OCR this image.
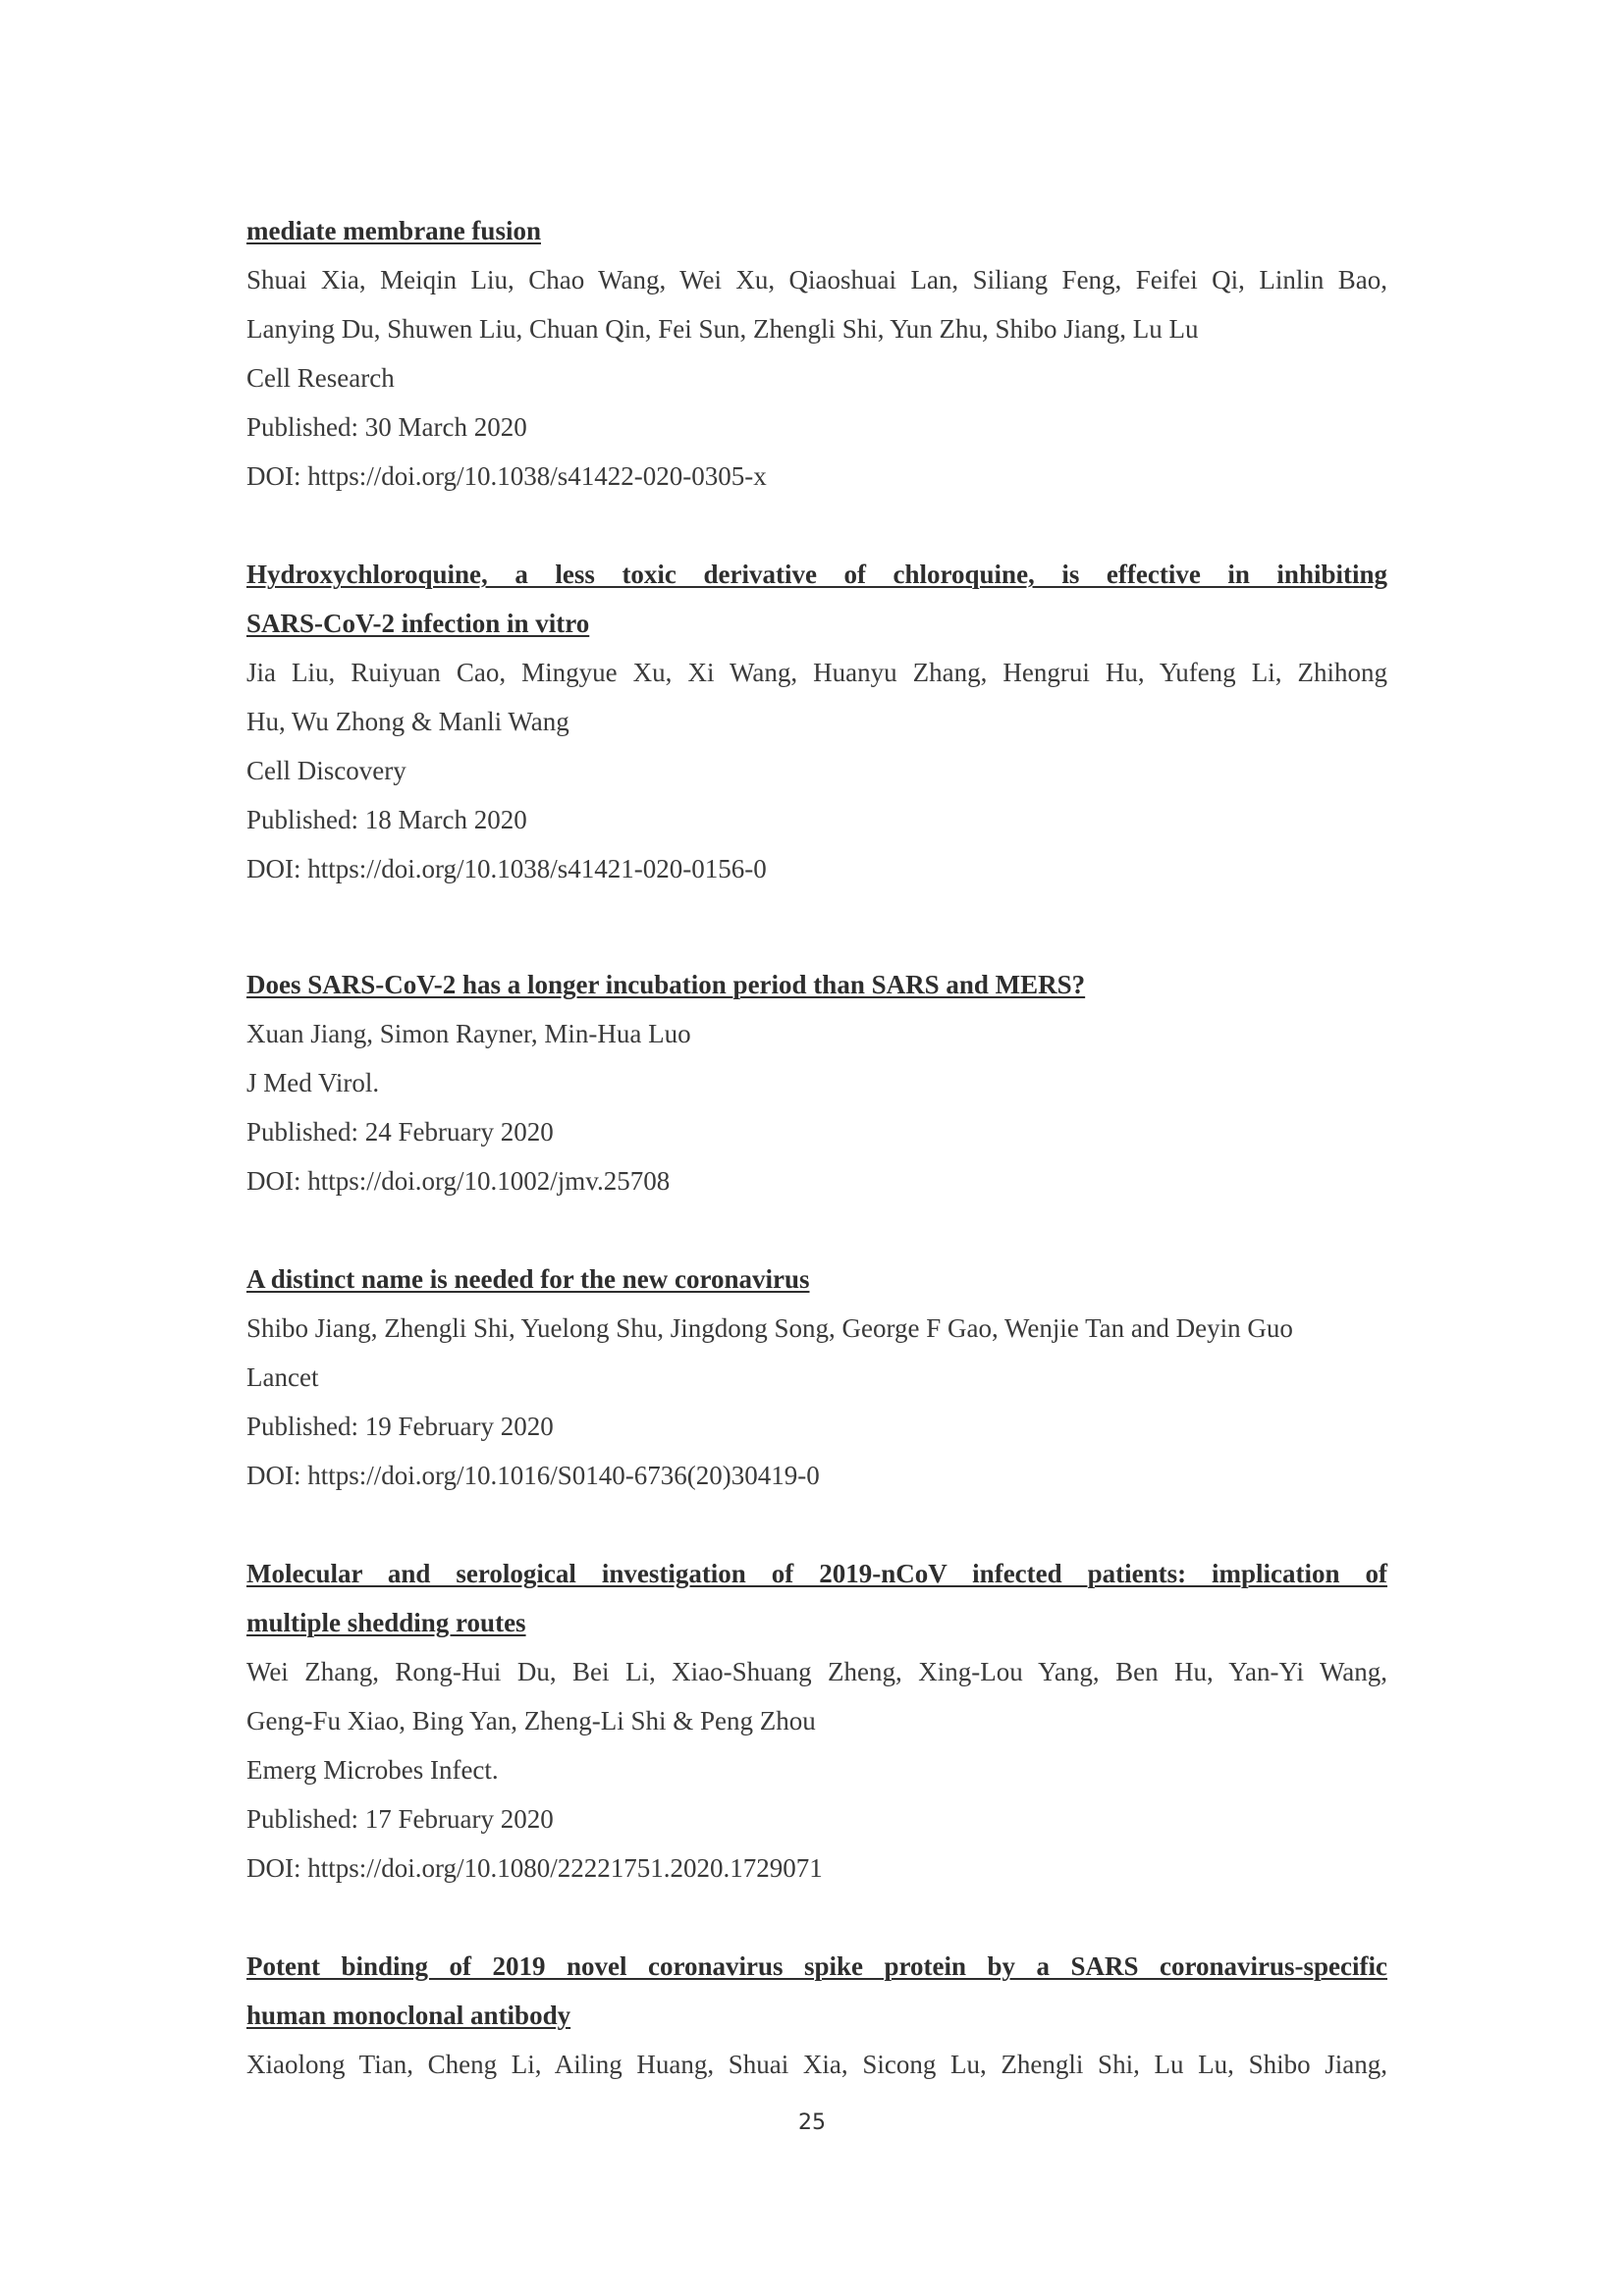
mediate membrane fusion
Shuai Xia, Meiqin Liu, Chao Wang, Wei Xu, Qiaoshuai Lan, Siliang Feng, Feifei Qi, Linlin Bao,
Lanying Du, Shuwen Liu, Chuan Qin, Fei Sun, Zhengli Shi, Yun Zhu, Shibo Jiang, Lu Lu
Cell Research
Published: 30 March 2020
DOI: https://doi.org/10.1038/s41422-020-0305-x
Hydroxychloroquine, a less toxic derivative of chloroquine, is effective in inhibiting
SARS-CoV-2 infection in vitro
Jia Liu, Ruiyuan Cao, Mingyue Xu, Xi Wang, Huanyu Zhang, Hengrui Hu, Yufeng Li, Zhihong
Hu, Wu Zhong & Manli Wang
Cell Discovery
Published: 18 March 2020
DOI: https://doi.org/10.1038/s41421-020-0156-0
Does SARS-CoV-2 has a longer incubation period than SARS and MERS?
Xuan Jiang, Simon Rayner, Min-Hua Luo
J Med Virol.
Published: 24 February 2020
DOI: https://doi.org/10.1002/jmv.25708
A distinct name is needed for the new coronavirus
Shibo Jiang, Zhengli Shi, Yuelong Shu, Jingdong Song, George F Gao, Wenjie Tan and Deyin Guo
Lancet
Published: 19 February 2020
DOI: https://doi.org/10.1016/S0140-6736(20)30419-0
Molecular and serological investigation of 2019-nCoV infected patients: implication of
multiple shedding routes
Wei Zhang, Rong-Hui Du, Bei Li, Xiao-Shuang Zheng, Xing-Lou Yang, Ben Hu, Yan-Yi Wang,
Geng-Fu Xiao, Bing Yan, Zheng-Li Shi & Peng Zhou
Emerg Microbes Infect.
Published: 17 February 2020
DOI: https://doi.org/10.1080/22221751.2020.1729071
Potent binding of 2019 novel coronavirus spike protein by a SARS coronavirus-specific
human monoclonal antibody
Xiaolong Tian, Cheng Li, Ailing Huang, Shuai Xia, Sicong Lu, Zhengli Shi, Lu Lu, Shibo Jiang,
25
